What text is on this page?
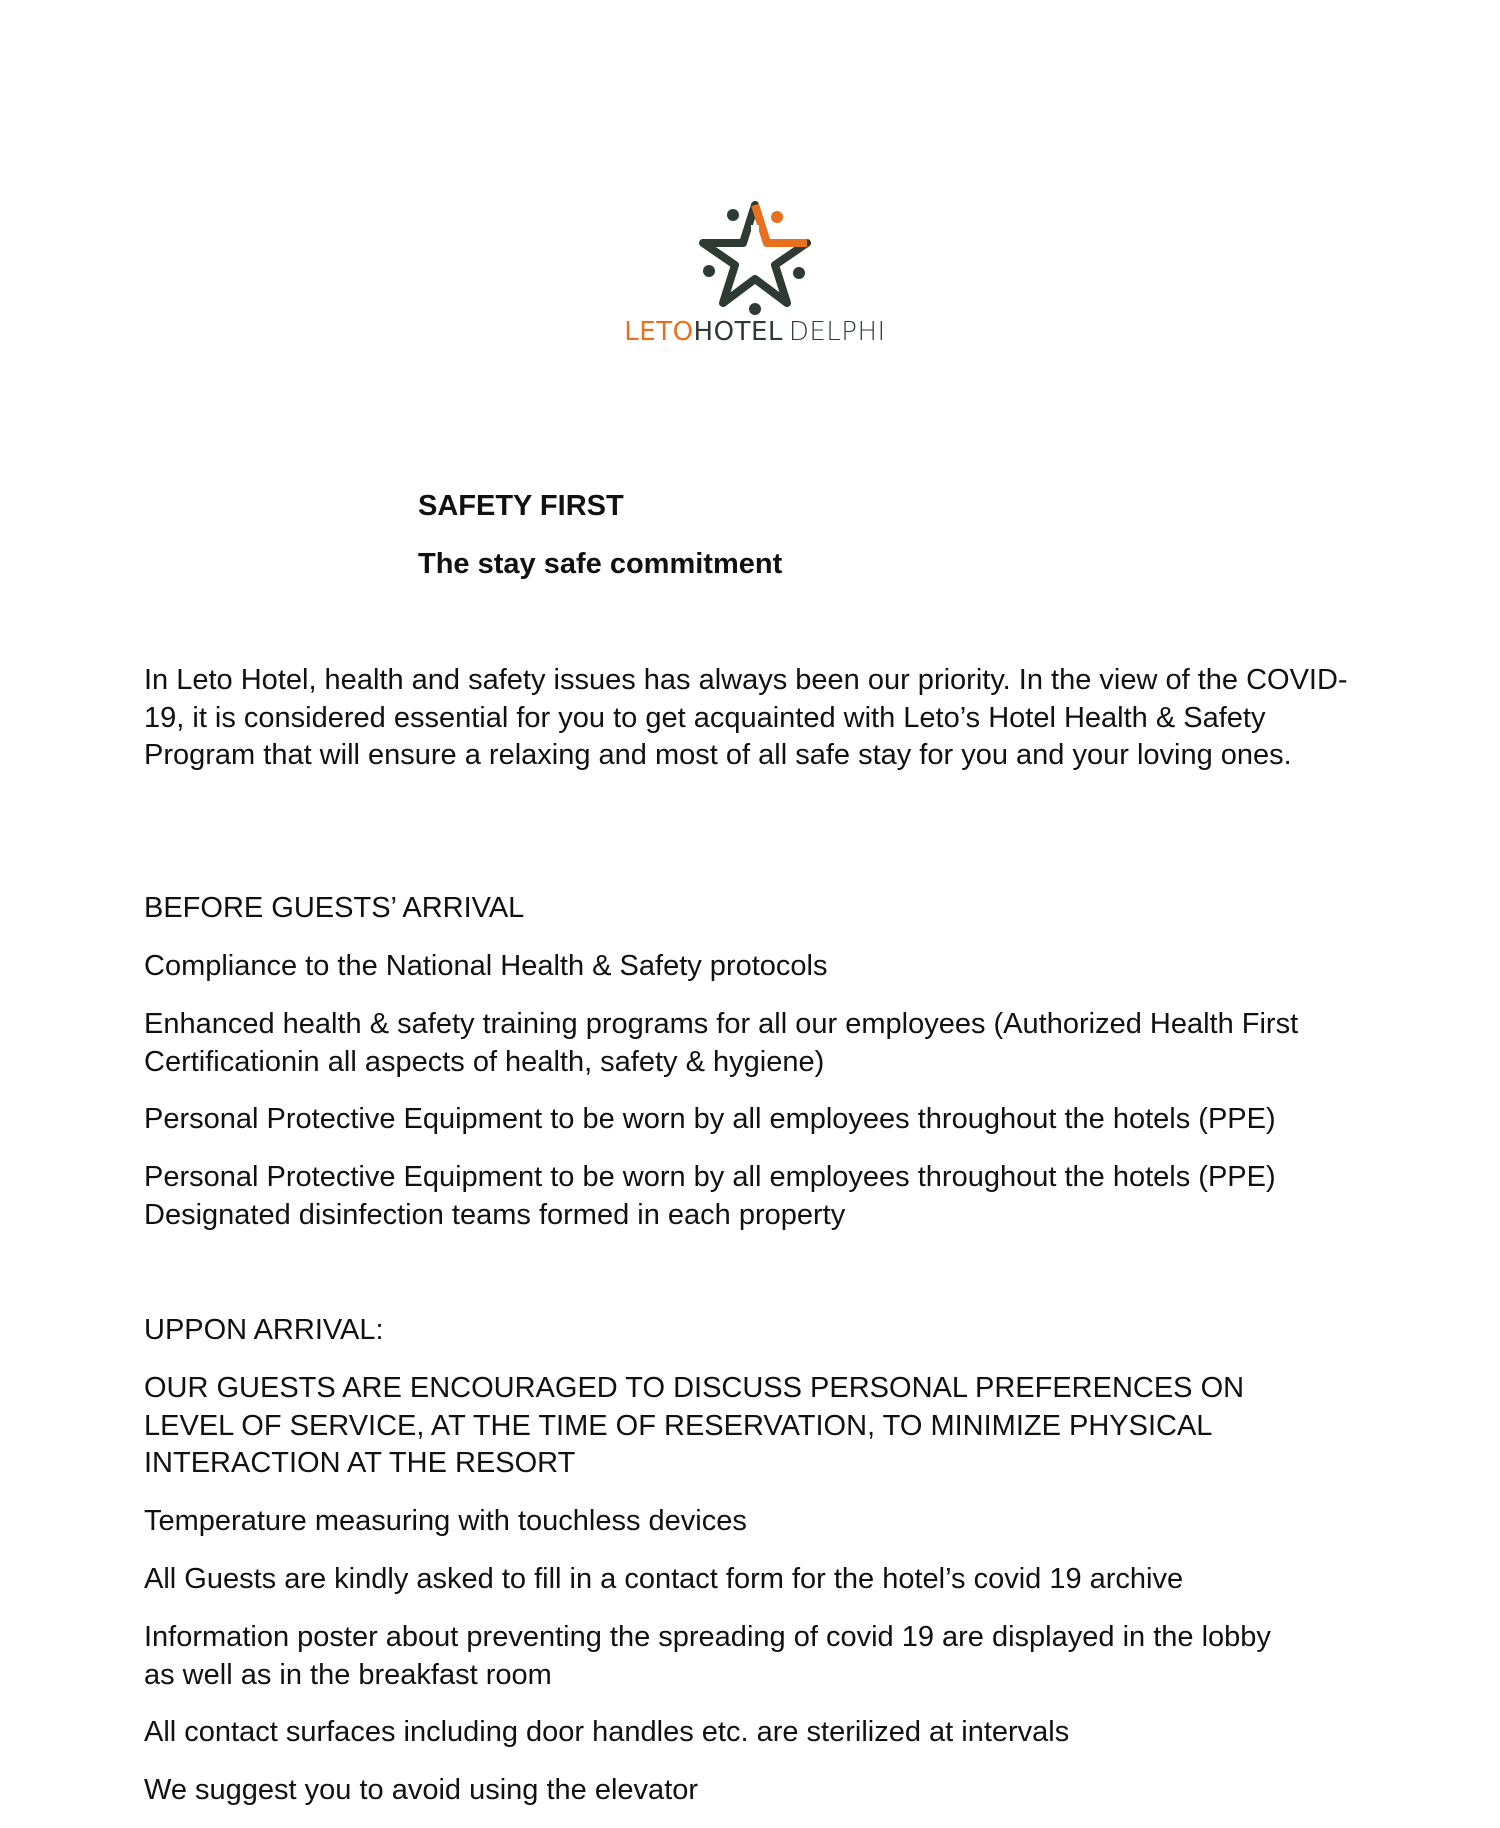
LETOHOTEL DELPHI
SAFETY FIRST
The stay safe commitment
In Leto Hotel, health and safety issues has always been our priority. In the view of the COVID-19, it is considered essential for you to get acquainted with Leto’s Hotel Health & Safety Program that will ensure a relaxing and most of all safe stay for you and your loving ones.
BEFORE GUESTS’ ARRIVAL
Compliance to the National Health & Safety protocols
Enhanced health & safety training programs for all our employees (Authorized Health First
Certificationin all aspects of health, safety & hygiene)
Personal Protective Equipment to be worn by all employees throughout the hotels (PPE)
Personal Protective Equipment to be worn by all employees throughout the hotels (PPE)
Designated disinfection teams formed in each property
UPPON ARRIVAL:
OUR GUESTS ARE ENCOURAGED TO DISCUSS PERSONAL PREFERENCES ON
LEVEL OF SERVICE, AT THE TIME OF RESERVATION, TO MINIMIZE PHYSICAL
INTERACTION AT THE RESORT
Temperature measuring with touchless devices
All Guests are kindly asked to fill in a contact form for the hotel’s covid 19 archive
Information poster about preventing the spreading of covid 19 are displayed in the lobby
as well as in the breakfast room
All contact surfaces including door handles etc. are sterilized at intervals
We suggest you to avoid using the elevator
